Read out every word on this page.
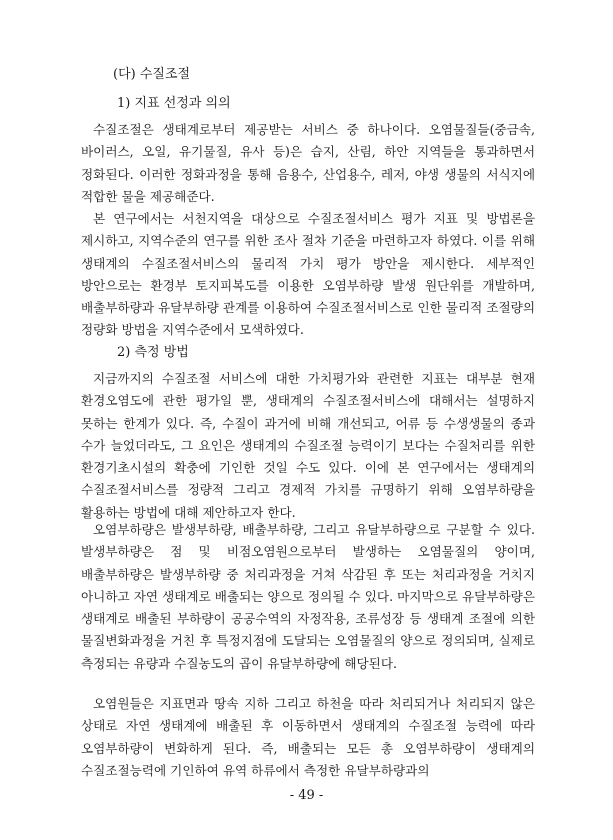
(다) 수질조절
1) 지표 선정과 의의
수질조절은 생태계로부터 제공받는 서비스 중 하나이다. 오염물질들(중금속, 바이러스, 오일, 유기물질, 유사 등)은 습지, 산림, 하안 지역들을 통과하면서 정화된다. 이러한 정화과정을 통해 음용수, 산업용수, 레저, 야생 생물의 서식지에 적합한 물을 제공해준다.
본 연구에서는 서천지역을 대상으로 수질조절서비스 평가 지표 및 방법론을 제시하고, 지역수준의 연구를 위한 조사 절차 기준을 마련하고자 하였다. 이를 위해 생태계의 수질조절서비스의 물리적 가치 평가 방안을 제시한다. 세부적인 방안으로는 환경부 토지피복도를 이용한 오염부하량 발생 원단위를 개발하며, 배출부하량과 유달부하량 관계를 이용하여 수질조절서비스로 인한 물리적 조절량의 정량화 방법을 지역수준에서 모색하였다.
2) 측정 방법
지금까지의 수질조절 서비스에 대한 가치평가와 관련한 지표는 대부분 현재 환경오염도에 관한 평가일 뿐, 생태계의 수질조절서비스에 대해서는 설명하지 못하는 한계가 있다. 즉, 수질이 과거에 비해 개선되고, 어류 등 수생생물의 종과 수가 늘었더라도, 그 요인은 생태계의 수질조절 능력이기 보다는 수질처리를 위한 환경기초시설의 확충에 기인한 것일 수도 있다. 이에 본 연구에서는 생태계의 수질조절서비스를 정량적 그리고 경제적 가치를 규명하기 위해 오염부하량을 활용하는 방법에 대해 제안하고자 한다.
오염부하량은 발생부하량, 배출부하량, 그리고 유달부하량으로 구분할 수 있다. 발생부하량은 점 및 비점오염원으로부터 발생하는 오염물질의 양이며, 배출부하량은 발생부하량 중 처리과정을 거쳐 삭감된 후 또는 처리과정을 거치지 아니하고 자연 생태계로 배출되는 양으로 정의될 수 있다. 마지막으로 유달부하량은 생태계로 배출된 부하량이 공공수역의 자정작용, 조류성장 등 생태계 조절에 의한 물질변화과정을 거친 후 특정지점에 도달되는 오염물질의 양으로 정의되며, 실제로 측정되는 유량과 수질농도의 곱이 유달부하량에 해당된다.
오염원들은 지표면과 땅속 지하 그리고 하천을 따라 처리되거나 처리되지 않은 상태로 자연 생태계에 배출된 후 이동하면서 생태계의 수질조절 능력에 따라 오염부하량이 변화하게 된다. 즉, 배출되는 모든 총 오염부하량이 생태계의 수질조절능력에 기인하여 유역 하류에서 측정한 유달부하량과의
- 49 -
